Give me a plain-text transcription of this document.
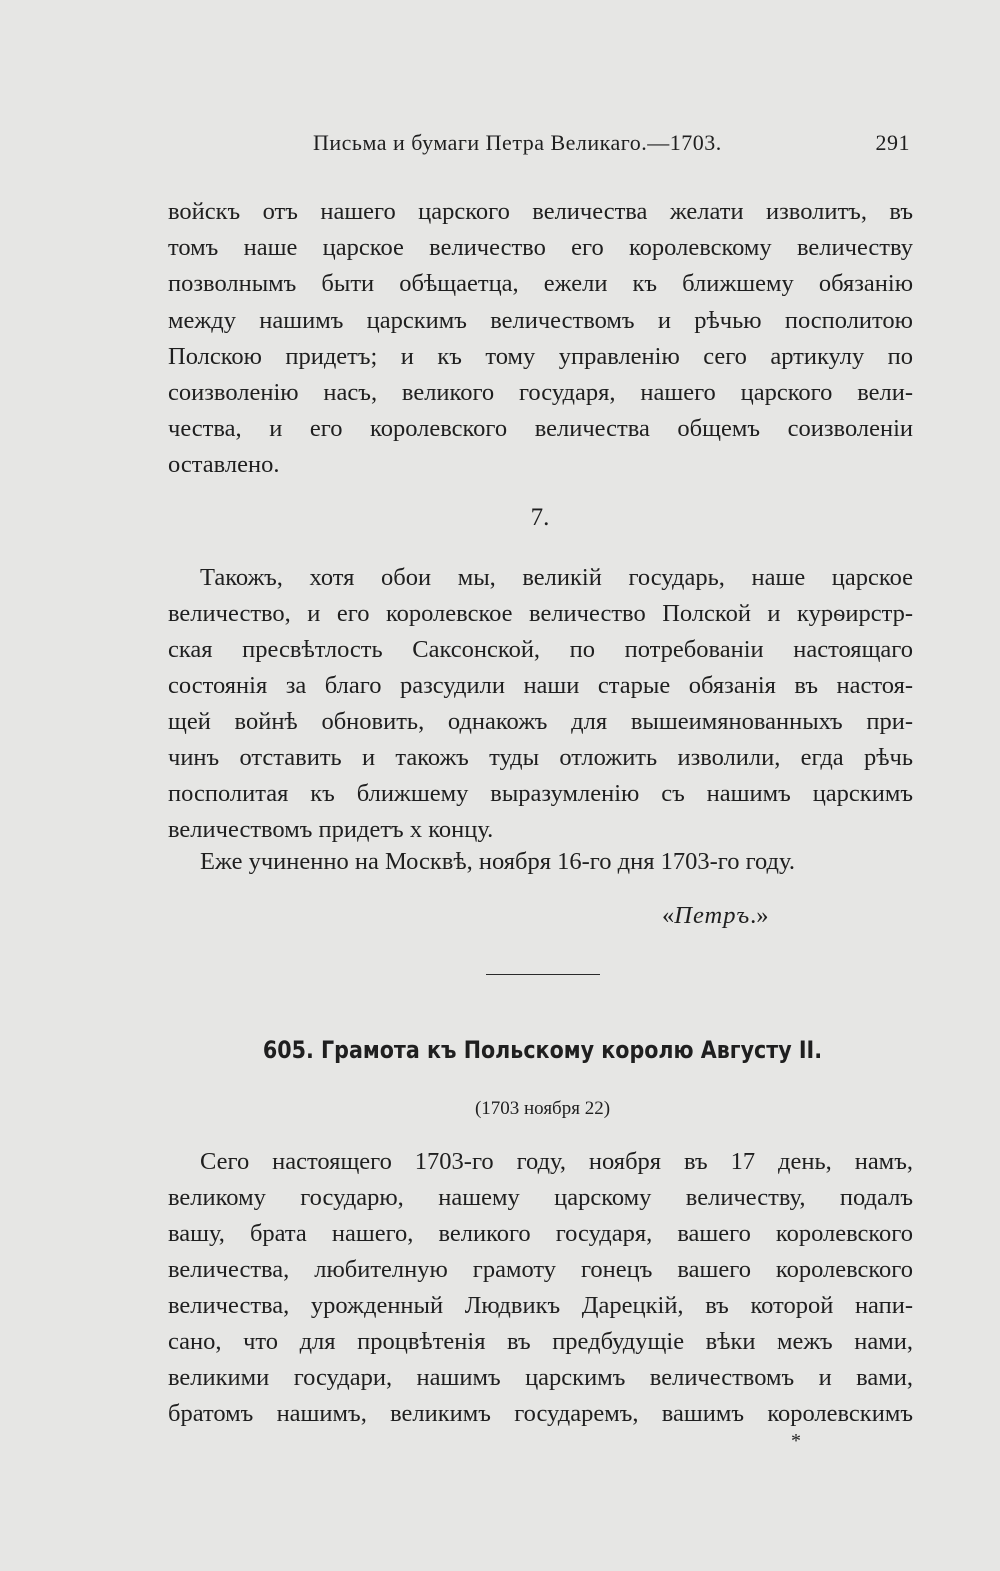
Письма и бумаги Петра Великаго.—1703.	291
войскъ отъ нашего царского величества желати изволитъ, въ
томъ наше царское величество его королевскому величеству
позволнымъ быти обѣщаетца, ежели къ ближшему обязанію
между нашимъ царскимъ величествомъ и рѣчью посполитою
Полскою придетъ; и къ тому управленію сего артикулу по
соизволенію насъ, великого государя, нашего царского вели-
чества, и его королевского величества общемъ соизволеніи
оставлено.
7.
Такожъ, хотя обои мы, великій государь, наше царское
величество, и его королевское величество Полской и курѳирстр-
ская пресвѣтлость Саксонской, по потребованіи настоящаго
состоянія за благо разсудили наши старые обязанія въ настоя-
щей войнѣ обновить, однакожъ для вышеимянованныхъ при-
чинъ отставить и такожъ туды отложить изволили, егда рѣчь
посполитая къ ближшему выразумленію съ нашимъ царскимъ
величествомъ придетъ х концу.
Еже учиненно на Москвѣ, ноября 16-го дня 1703-го году.
«Петръ.»
605. Грамота къ Польскому королю Августу II.
(1703 ноября 22)
Сего настоящего 1703-го году, ноября въ 17 день, намъ,
великому государю, нашему царскому величеству, подалъ
вашу, брата нашего, великого государя, вашего королевского
величества, любителную грамоту гонецъ вашего королевского
величества, урожденный Людвикъ Дарецкій, въ которой напи-
сано, что для процвѣтенія въ предбудущіе вѣки межъ нами,
великими государи, нашимъ царскимъ величествомъ и вами,
братомъ нашимъ, великимъ государемъ, вашимъ королевскимъ
*
